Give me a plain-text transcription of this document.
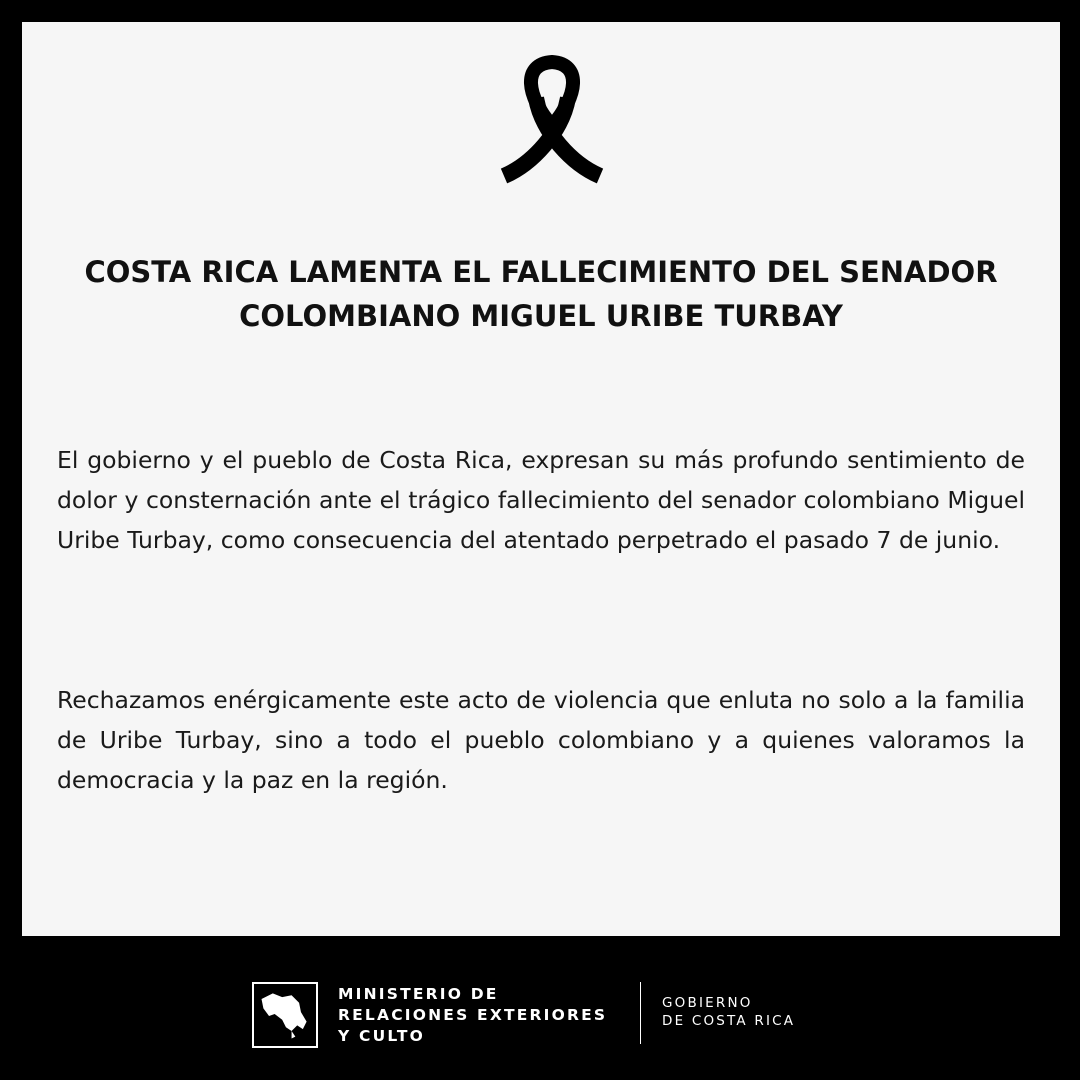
COSTA RICA LAMENTA EL FALLECIMIENTO DEL SENADOR
COLOMBIANO MIGUEL URIBE TURBAY
El gobierno y el pueblo de Costa Rica, expresan su más profundo sentimiento de dolor y consternación ante el trágico fallecimiento del senador colombiano Miguel Uribe Turbay, como consecuencia del atentado perpetrado el pasado 7 de junio.
Rechazamos enérgicamente este acto de violencia que enluta no solo a la familia de Uribe Turbay, sino a todo el pueblo colombiano y a quienes valoramos la democracia y la paz en la región.
MINISTERIO DE
RELACIONES EXTERIORES
Y CULTO
GOBIERNO
DE COSTA RICA
